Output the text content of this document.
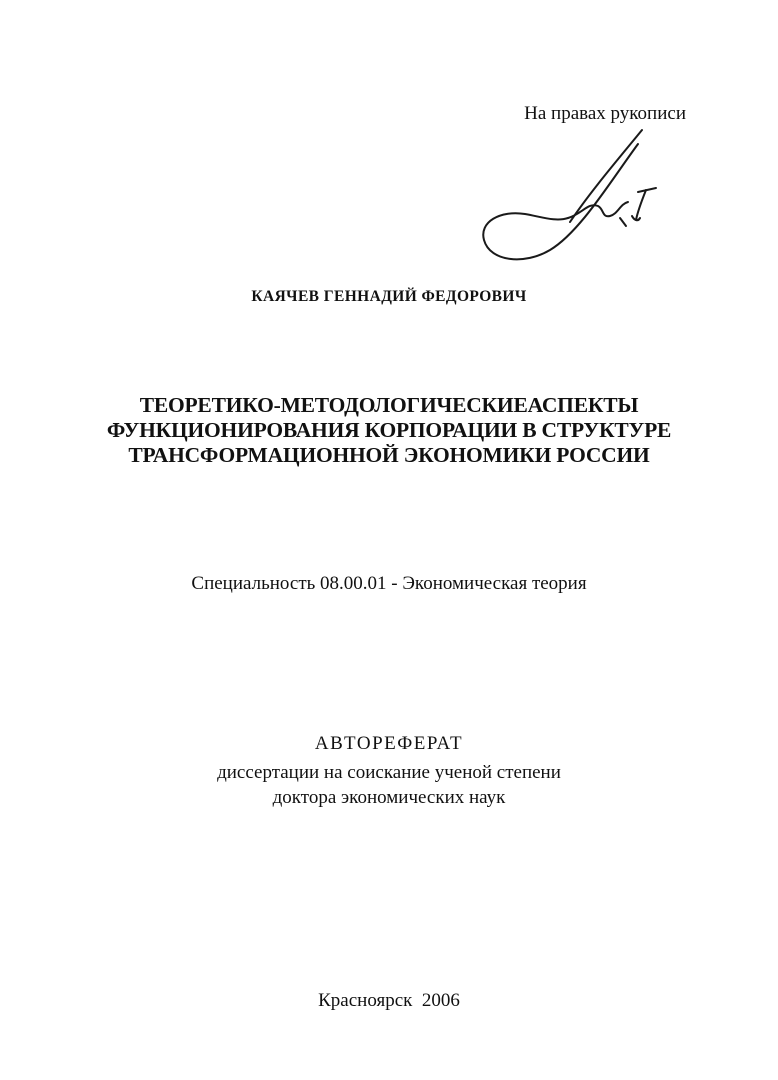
На правах рукописи
КАЯЧЕВ ГЕННАДИЙ ФЕДОРОВИЧ
ТЕОРЕТИКО-МЕТОДОЛОГИЧЕСКИЕАСПЕКТЫ
ФУНКЦИОНИРОВАНИЯ КОРПОРАЦИИ В СТРУКТУРЕ
ТРАНСФОРМАЦИОННОЙ ЭКОНОМИКИ РОССИИ
Специальность 08.00.01 - Экономическая теория
АВТОРЕФЕРАТ
диссертации на соискание ученой степени
доктора экономических наук
Красноярск  2006
